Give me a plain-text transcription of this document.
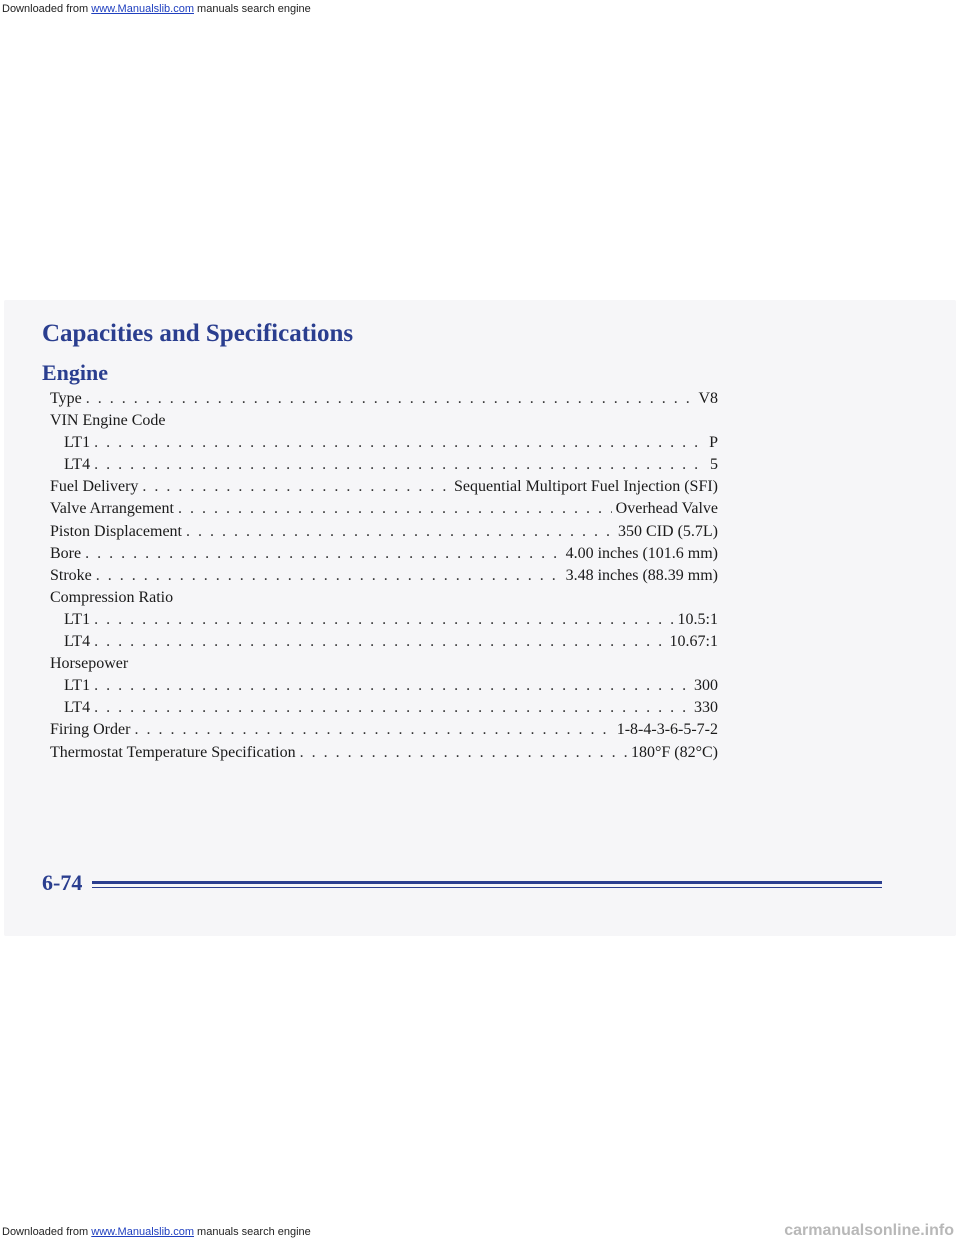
Downloaded from www.Manualslib.com manuals search engine
Capacities and Specifications
Engine
Type . . .	V8
VIN Engine Code
LT1 . . .	P
LT4 . . .	5
Fuel Delivery . . .	Sequential Multiport Fuel Injection (SFI)
Valve Arrangement . . .	Overhead Valve
Piston Displacement . . .	350 CID (5.7L)
Bore . . .	4.00 inches (101.6 mm)
Stroke . . .	3.48 inches (88.39 mm)
Compression Ratio
LT1 . . .	10.5:1
LT4 . . .	10.67:1
Horsepower
LT1 . . .	300
LT4 . . .	330
Firing Order . . .	1-8-4-3-6-5-7-2
Thermostat Temperature Specification . . .	180°F (82°C)
6-74
Downloaded from www.Manualslib.com manuals search engine	carmanualsonline.info
